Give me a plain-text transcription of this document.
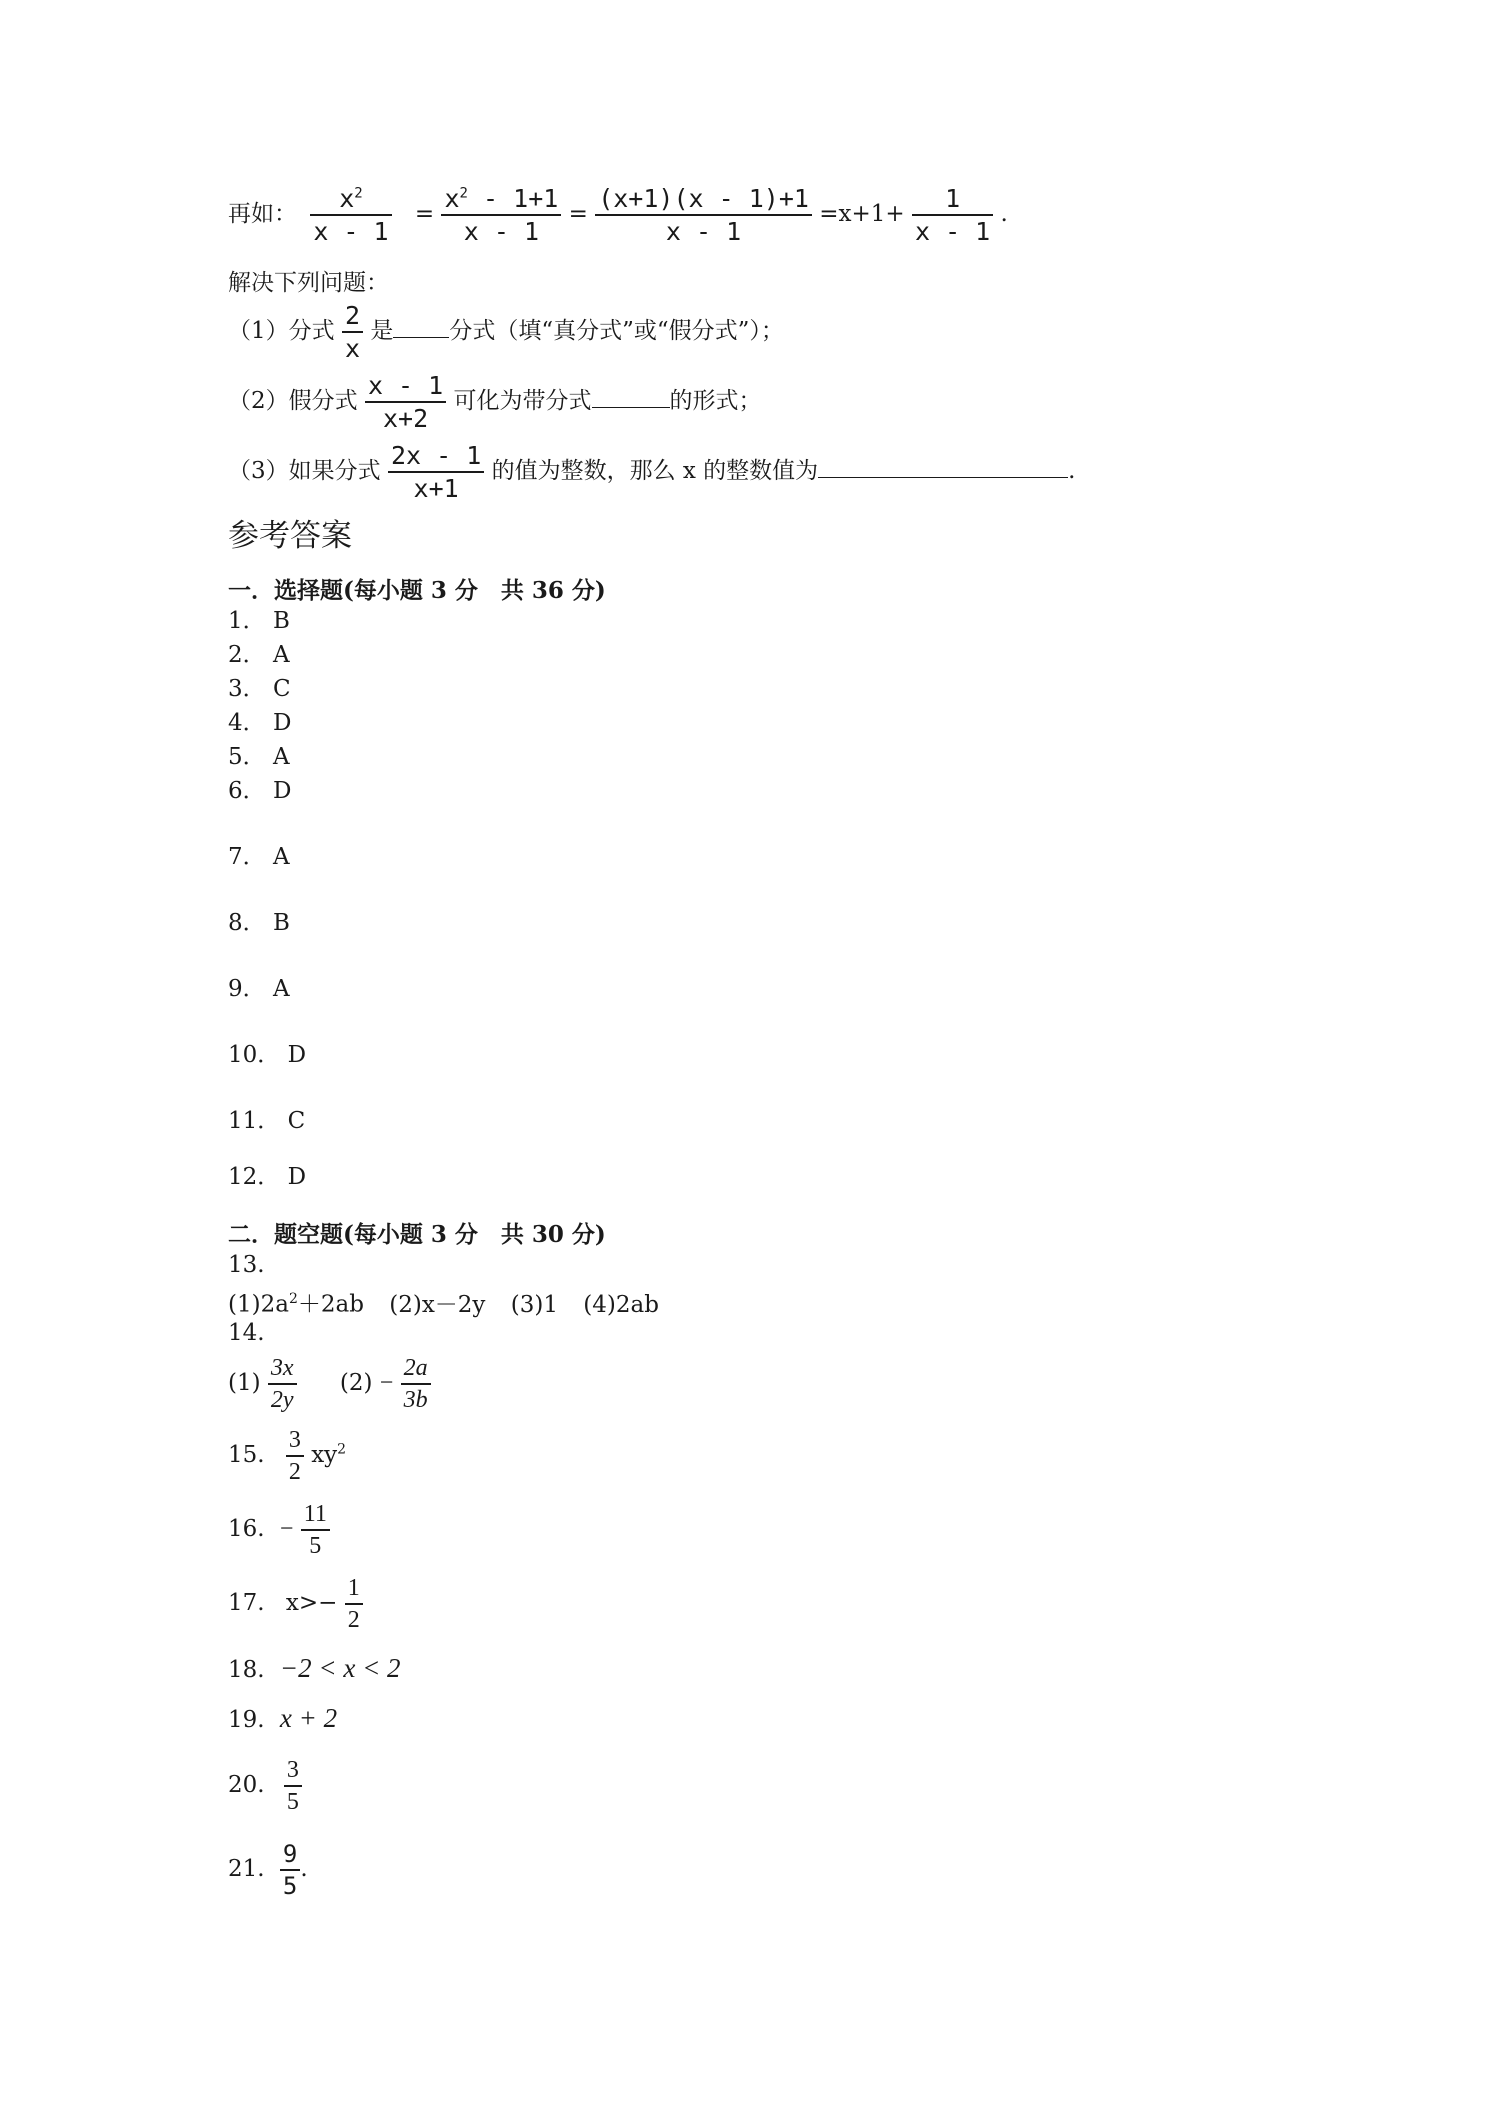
再如： $\frac{x^2}{x - 1} = \frac{x^2 - 1+1}{x - 1} = \frac{(x+1)(x - 1)+1}{x - 1} =x+1+ \frac{1}{x - 1}$ .
解决下列问题：
（1）分式 $\frac{2}{x}$ 是 分式（填“真分式”或“假分式”）；
（2）假分式 $\frac{x - 1}{x+2}$ 可化为带分式	的形式；
（3）如果分式 $\frac{2x - 1}{x+1}$ 的值为整数，那么 x 的整数值为	.
参考答案
一．选择题(每小题 3 分　共 36 分)
1． B
2． A
3． C
4． D
5． A
6． D
7． A
8． B
9． A
10． D
11． C
12． D
二．题空题(每小题 3 分　共 30 分)
13.
$(1)2a^2+2ab$ (2)x－2y (3)1 (4)2ab
14.
$(1) \frac{3x}{2y} (2) - \frac{2a}{3b}$
15. $\frac{3}{2} xy^2$
16. − $\frac{11}{5}$
17. $x>- \frac{1}{2}$
18. −2 < x < 2
19. x + 2
20. $\frac{3}{5}$
21. $\frac{9}{5}$ .
